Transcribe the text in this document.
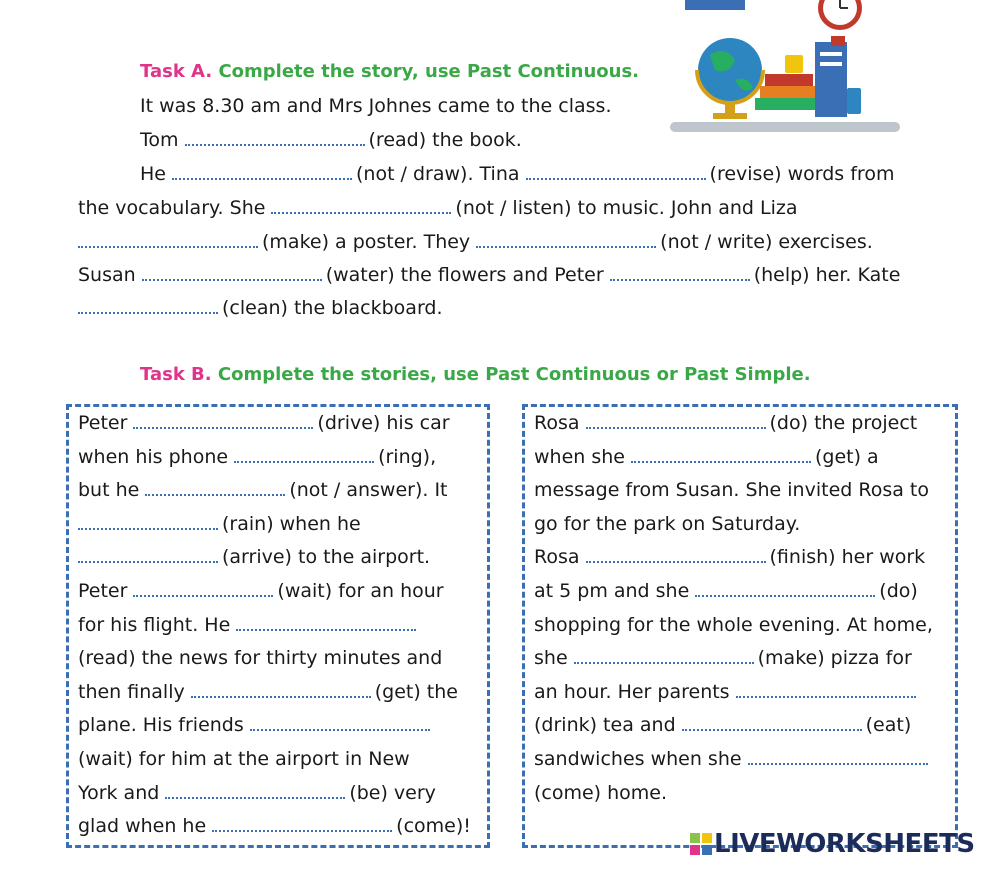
Task A. Complete the story, use Past Continuous.
It was 8.30 am and Mrs Johnes came to the class.
Tom	(read) the book.
He	(not / draw). Tina	(revise) words from
the vocabulary. She	(not / listen) to music. John and Liza
(make) a poster. They	(not / write) exercises.
Susan	(water) the flowers and Peter	(help) her. Kate
(clean) the blackboard.
Task B. Complete the stories, use Past Continuous or Past Simple.
Peter	(drive) his car
when his phone	(ring),
but he	(not / answer). It
(rain) when he
(arrive) to the airport.
Peter	(wait) for an hour
for his flight. He
(read) the news for thirty minutes and
then finally	(get) the
plane. His friends
(wait) for him at the airport in New
York and	(be) very
glad when he	(come)!
Rosa	(do) the project
when she	(get) a
message from Susan. She invited Rosa to
go for the park on Saturday.
Rosa	(finish) her work
at 5 pm and she	(do)
shopping for the whole evening. At home,
she	(make) pizza for
an hour. Her parents
(drink) tea and	(eat)
sandwiches when she
(come) home.
LIVEWORKSHEETS
